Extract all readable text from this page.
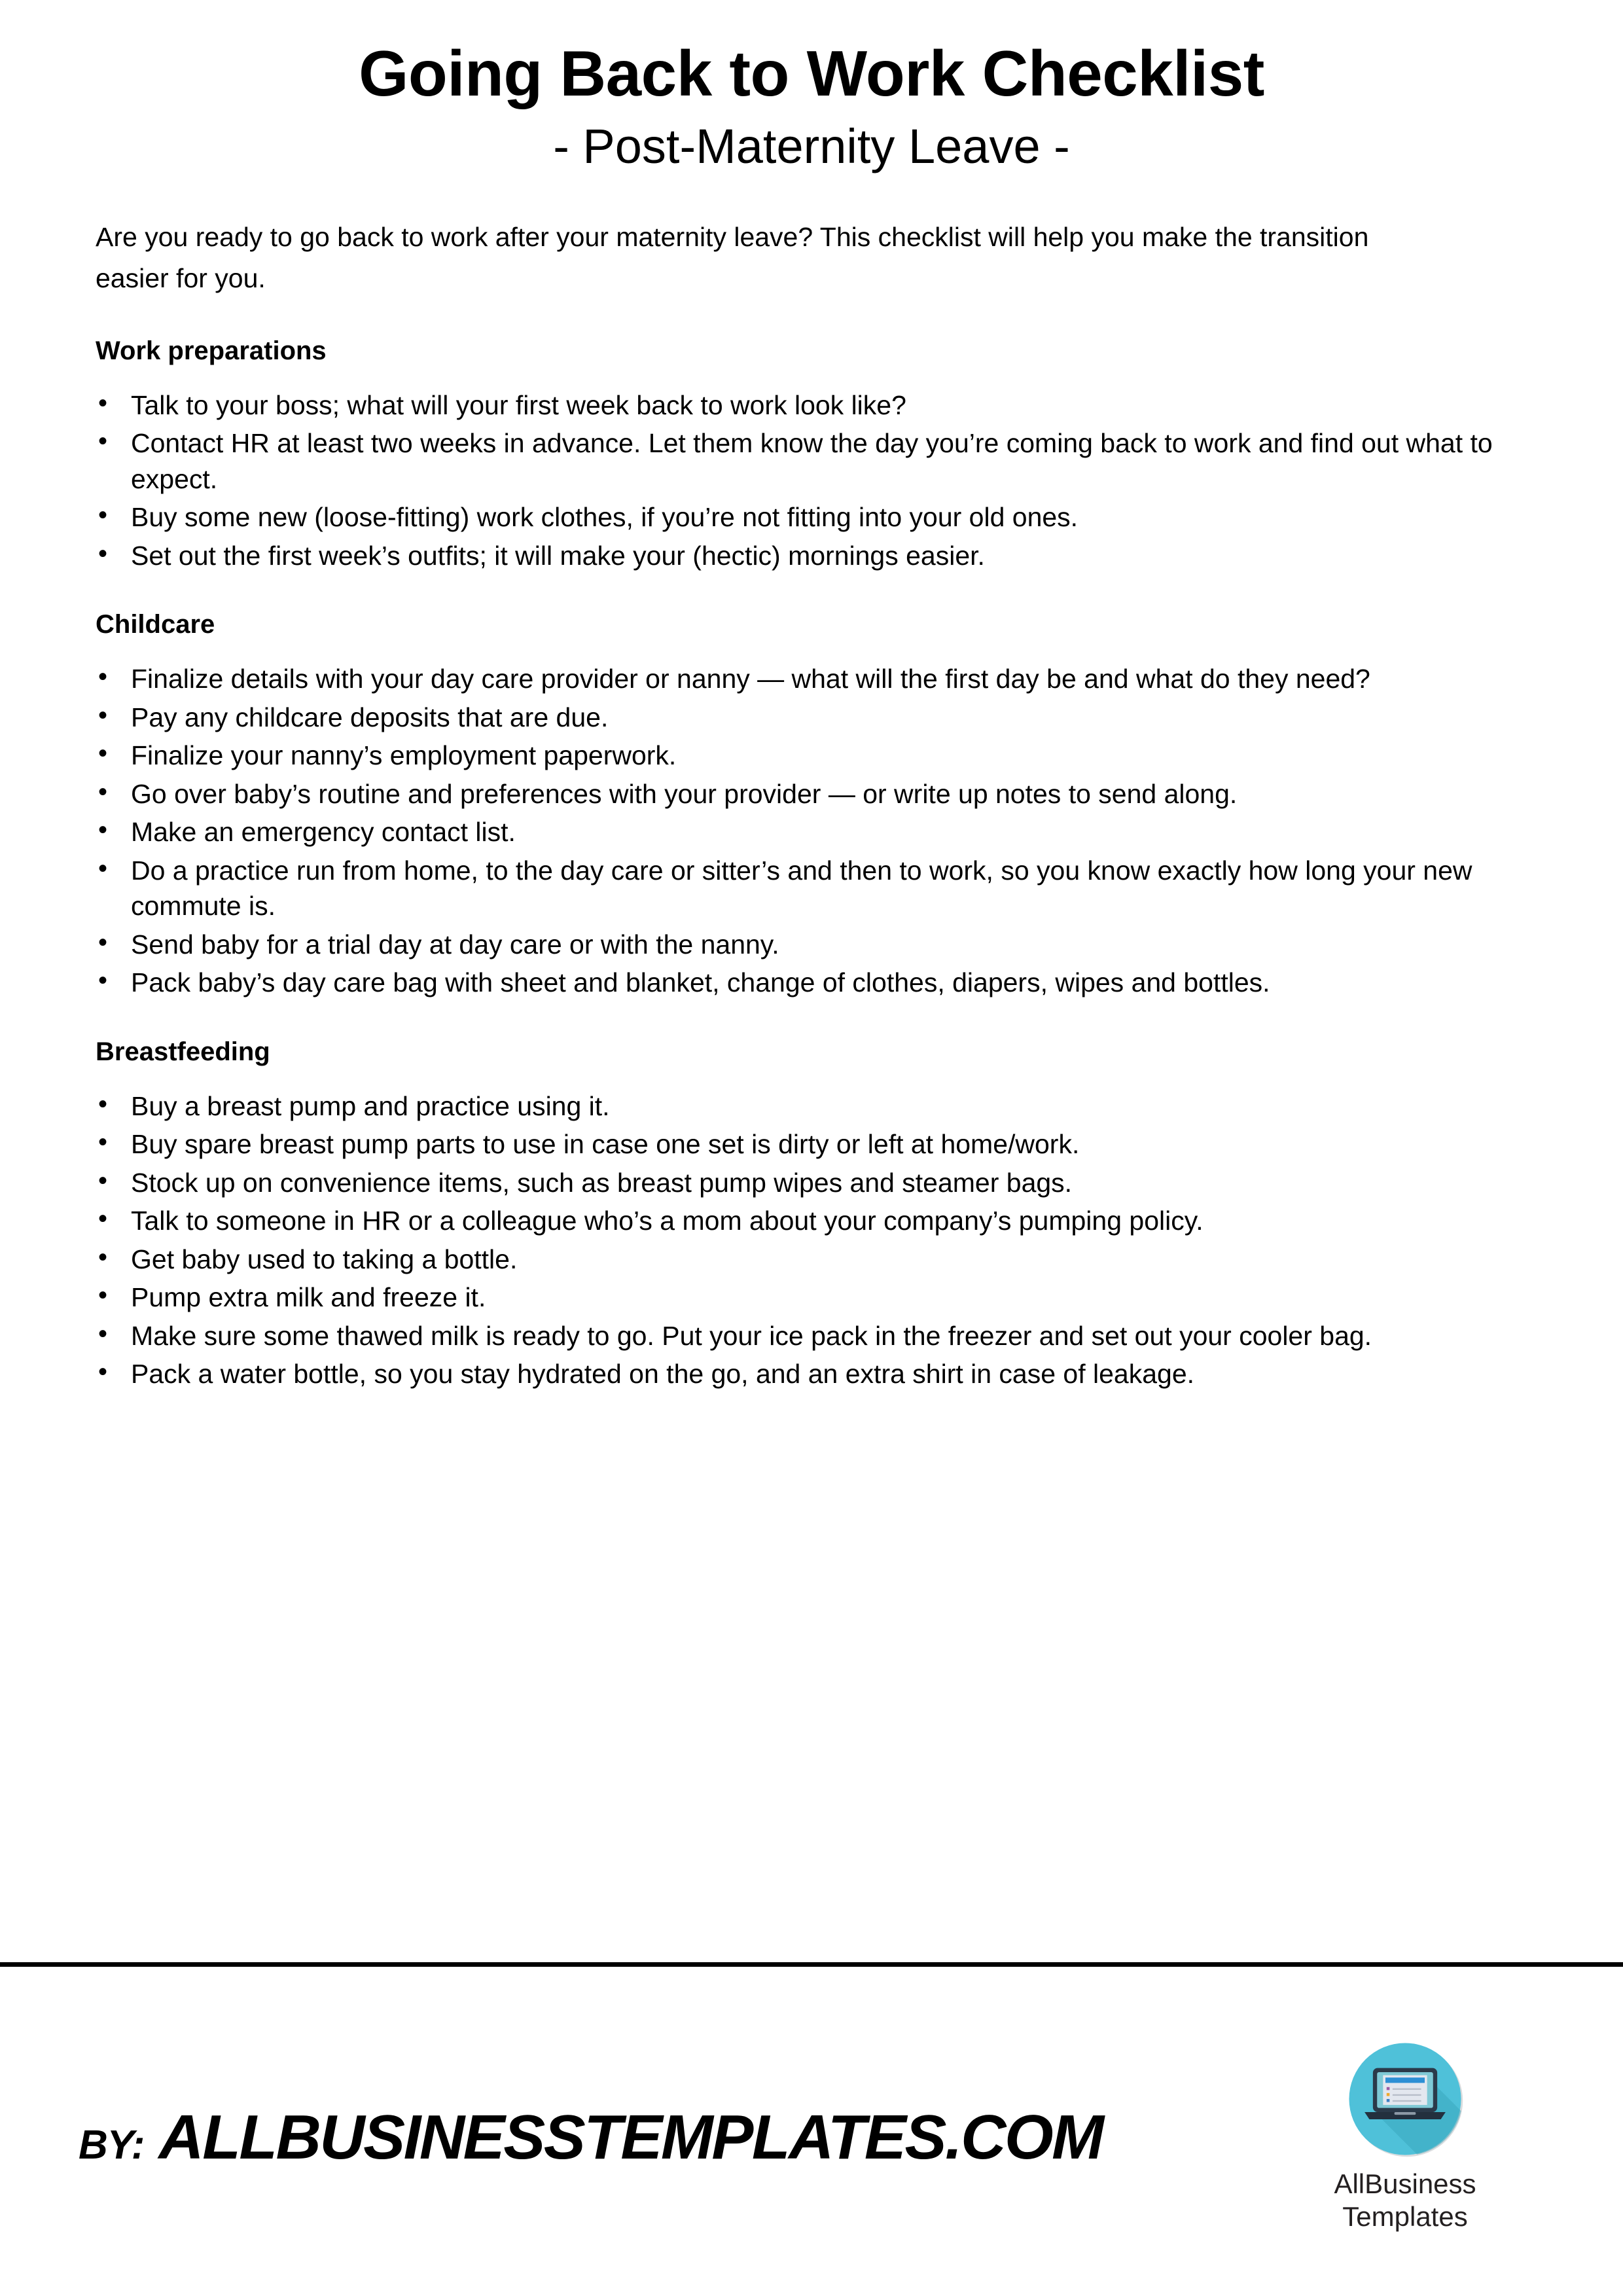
Going Back to Work Checklist
- Post-Maternity Leave -

Are you ready to go back to work after your maternity leave? This checklist will help you make the transition easier for you.

Work preparations
• Talk to your boss; what will your first week back to work look like?
• Contact HR at least two weeks in advance. Let them know the day you’re coming back to work and find out what to expect.
• Buy some new (loose-fitting) work clothes, if you’re not fitting into your old ones.
• Set out the first week’s outfits; it will make your (hectic) mornings easier.
Childcare
• Finalize details with your day care provider or nanny — what will the first day be and what do they need?
• Pay any childcare deposits that are due.
• Finalize your nanny’s employment paperwork.
• Go over baby’s routine and preferences with your provider — or write up notes to send along.
• Make an emergency contact list.
• Do a practice run from home, to the day care or sitter’s and then to work, so you know exactly how long your new commute is.
• Send baby for a trial day at day care or with the nanny.
• Pack baby’s day care bag with sheet and blanket, change of clothes, diapers, wipes and bottles.
Breastfeeding
• Buy a breast pump and practice using it.
• Buy spare breast pump parts to use in case one set is dirty or left at home/work.
• Stock up on convenience items, such as breast pump wipes and steamer bags.
• Talk to someone in HR or a colleague who’s a mom about your company’s pumping policy.
• Get baby used to taking a bottle.
• Pump extra milk and freeze it.
• Make sure some thawed milk is ready to go. Put your ice pack in the freezer and set out your cooler bag.
• Pack a water bottle, so you stay hydrated on the go, and an extra shirt in case of leakage.
BY: ALLBUSINESSTEMPLATES.COM
AllBusiness
Templates
